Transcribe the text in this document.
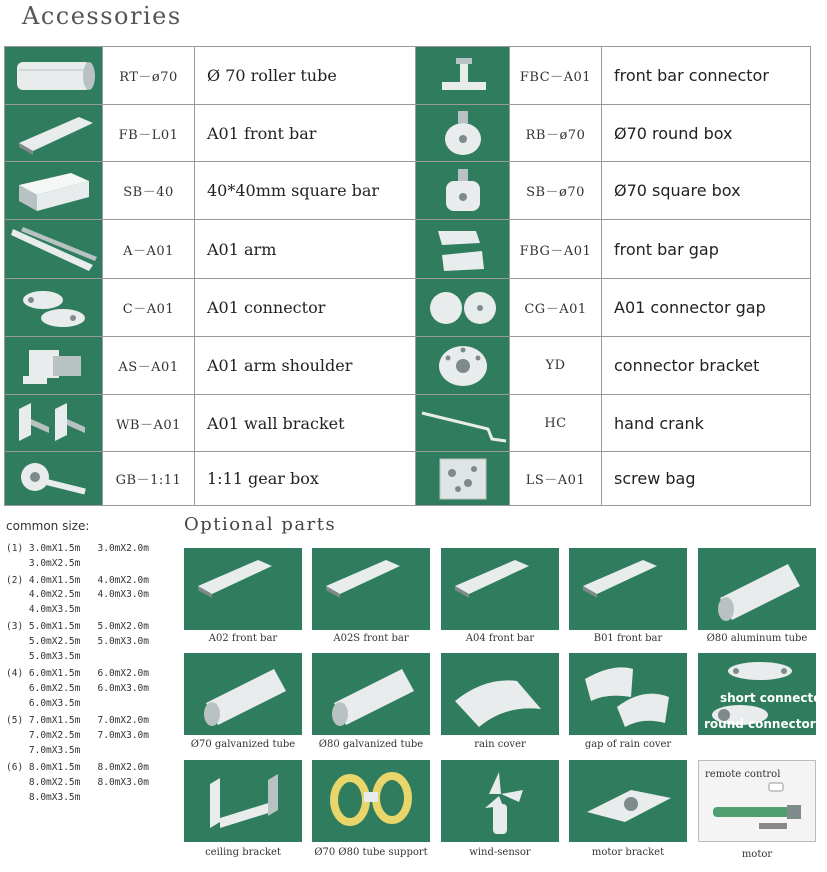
Accessories
RT－ø70	Ø 70 roller tube	FBC－A01	front bar connector
FB－L01	A01 front bar	RB－ø70	Ø70 round box
SB－40	40*40mm square bar	SB－ø70	Ø70 square box
A－A01	A01 arm	FBG－A01	front bar gap
C－A01	A01 connector	CG－A01	A01 connector gap
AS－A01	A01 arm shoulder	YD	connector bracket
WB－A01	A01 wall bracket	HC	hand crank
GB－1:11	1:11 gear box	LS－A01	screw bag
common size:
(1) 3.0mX1.5m   3.0mX2.0m
3.0mX2.5m
(2) 4.0mX1.5m   4.0mX2.0m
4.0mX2.5m   4.0mX3.0m
4.0mX3.5m
(3) 5.0mX1.5m   5.0mX2.0m
5.0mX2.5m   5.0mX3.0m
5.0mX3.5m
(4) 6.0mX1.5m   6.0mX2.0m
6.0mX2.5m   6.0mX3.0m
6.0mX3.5m
(5) 7.0mX1.5m   7.0mX2.0m
7.0mX2.5m   7.0mX3.0m
7.0mX3.5m
(6) 8.0mX1.5m   8.0mX2.0m
8.0mX2.5m   8.0mX3.0m
8.0mX3.5m
Optional parts
A02 front bar	A02S front bar	A04 front bar	B01 front bar	Ø80 aluminum tube
Ø70 galvanized tube	Ø80 galvanized tube	rain cover	gap of rain cover
short connector
round connector
ceiling bracket	Ø70 Ø80 tube support	wind-sensor	motor bracket
remote control
motor
